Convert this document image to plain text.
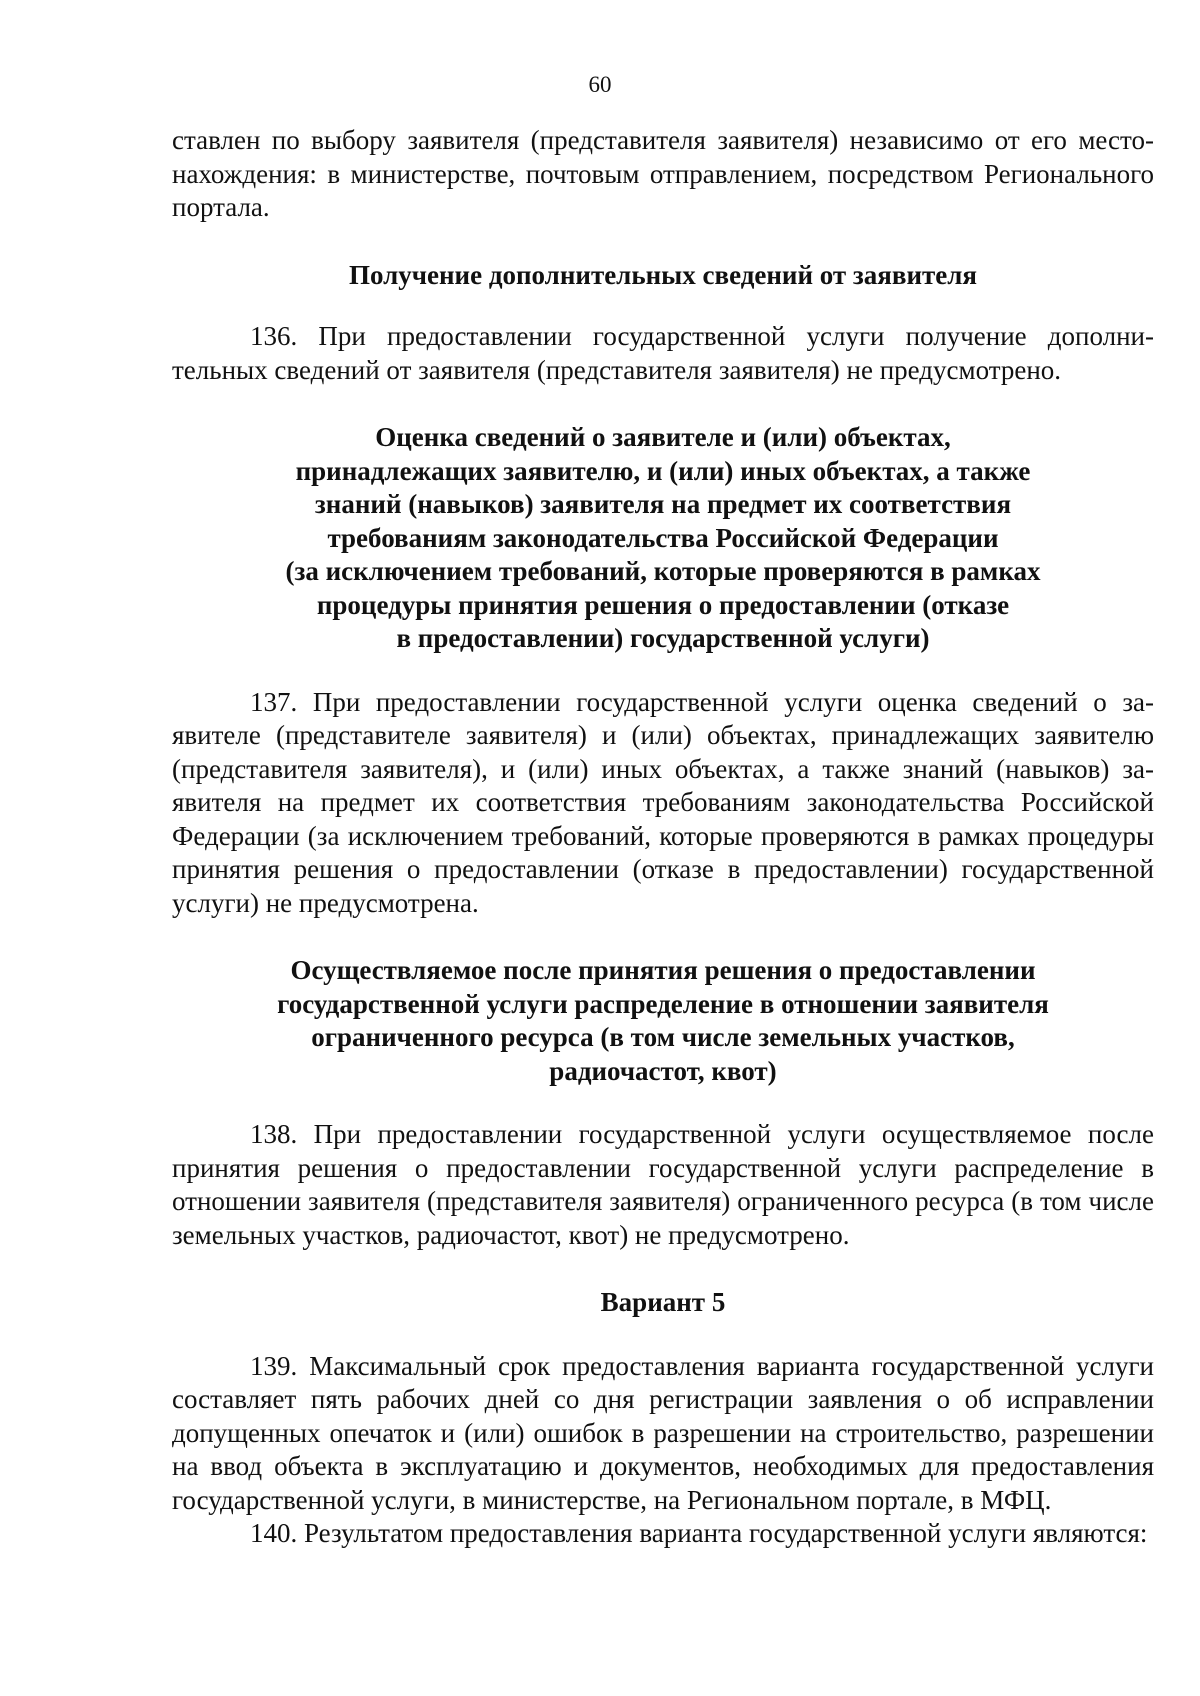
60

ставлен по выбору заявителя (представителя заявителя) независимо от его местонахождения: в министерстве, почтовым отправлением, посредством Регионального портала.

Получение дополнительных сведений от заявителя

136. При предоставлении государственной услуги получение дополнительных сведений от заявителя (представителя заявителя) не предусмотрено.

Оценка сведений о заявителе и (или) объектах,
принадлежащих заявителю, и (или) иных объектах, а также
знаний (навыков) заявителя на предмет их соответствия
требованиям законодательства Российской Федерации
(за исключением требований, которые проверяются в рамках
процедуры принятия решения о предоставлении (отказе
в предоставлении) государственной услуги)

137. При предоставлении государственной услуги оценка сведений о заявителе (представителе заявителя) и (или) объектах, принадлежащих заявителю (представителя заявителя), и (или) иных объектах, а также знаний (навыков) заявителя на предмет их соответствия требованиям законодательства Российской Федерации (за исключением требований, которые проверяются в рамках процедуры принятия решения о предоставлении (отказе в предоставлении) государственной услуги) не предусмотрена.

Осуществляемое после принятия решения о предоставлении
государственной услуги распределение в отношении заявителя
ограниченного ресурса (в том числе земельных участков,
радиочастот, квот)

138. При предоставлении государственной услуги осуществляемое после принятия решения о предоставлении государственной услуги распределение в отношении заявителя (представителя заявителя) ограниченного ресурса (в том числе земельных участков, радиочастот, квот) не предусмотрено.

Вариант 5

139. Максимальный срок предоставления варианта государственной услуги составляет пять рабочих дней со дня регистрации заявления о об исправлении допущенных опечаток и (или) ошибок в разрешении на строительство, разрешении на ввод объекта в эксплуатацию и документов, необходимых для предоставления государственной услуги, в министерстве, на Региональном портале, в МФЦ.

140. Результатом предоставления варианта государственной услуги являются:
